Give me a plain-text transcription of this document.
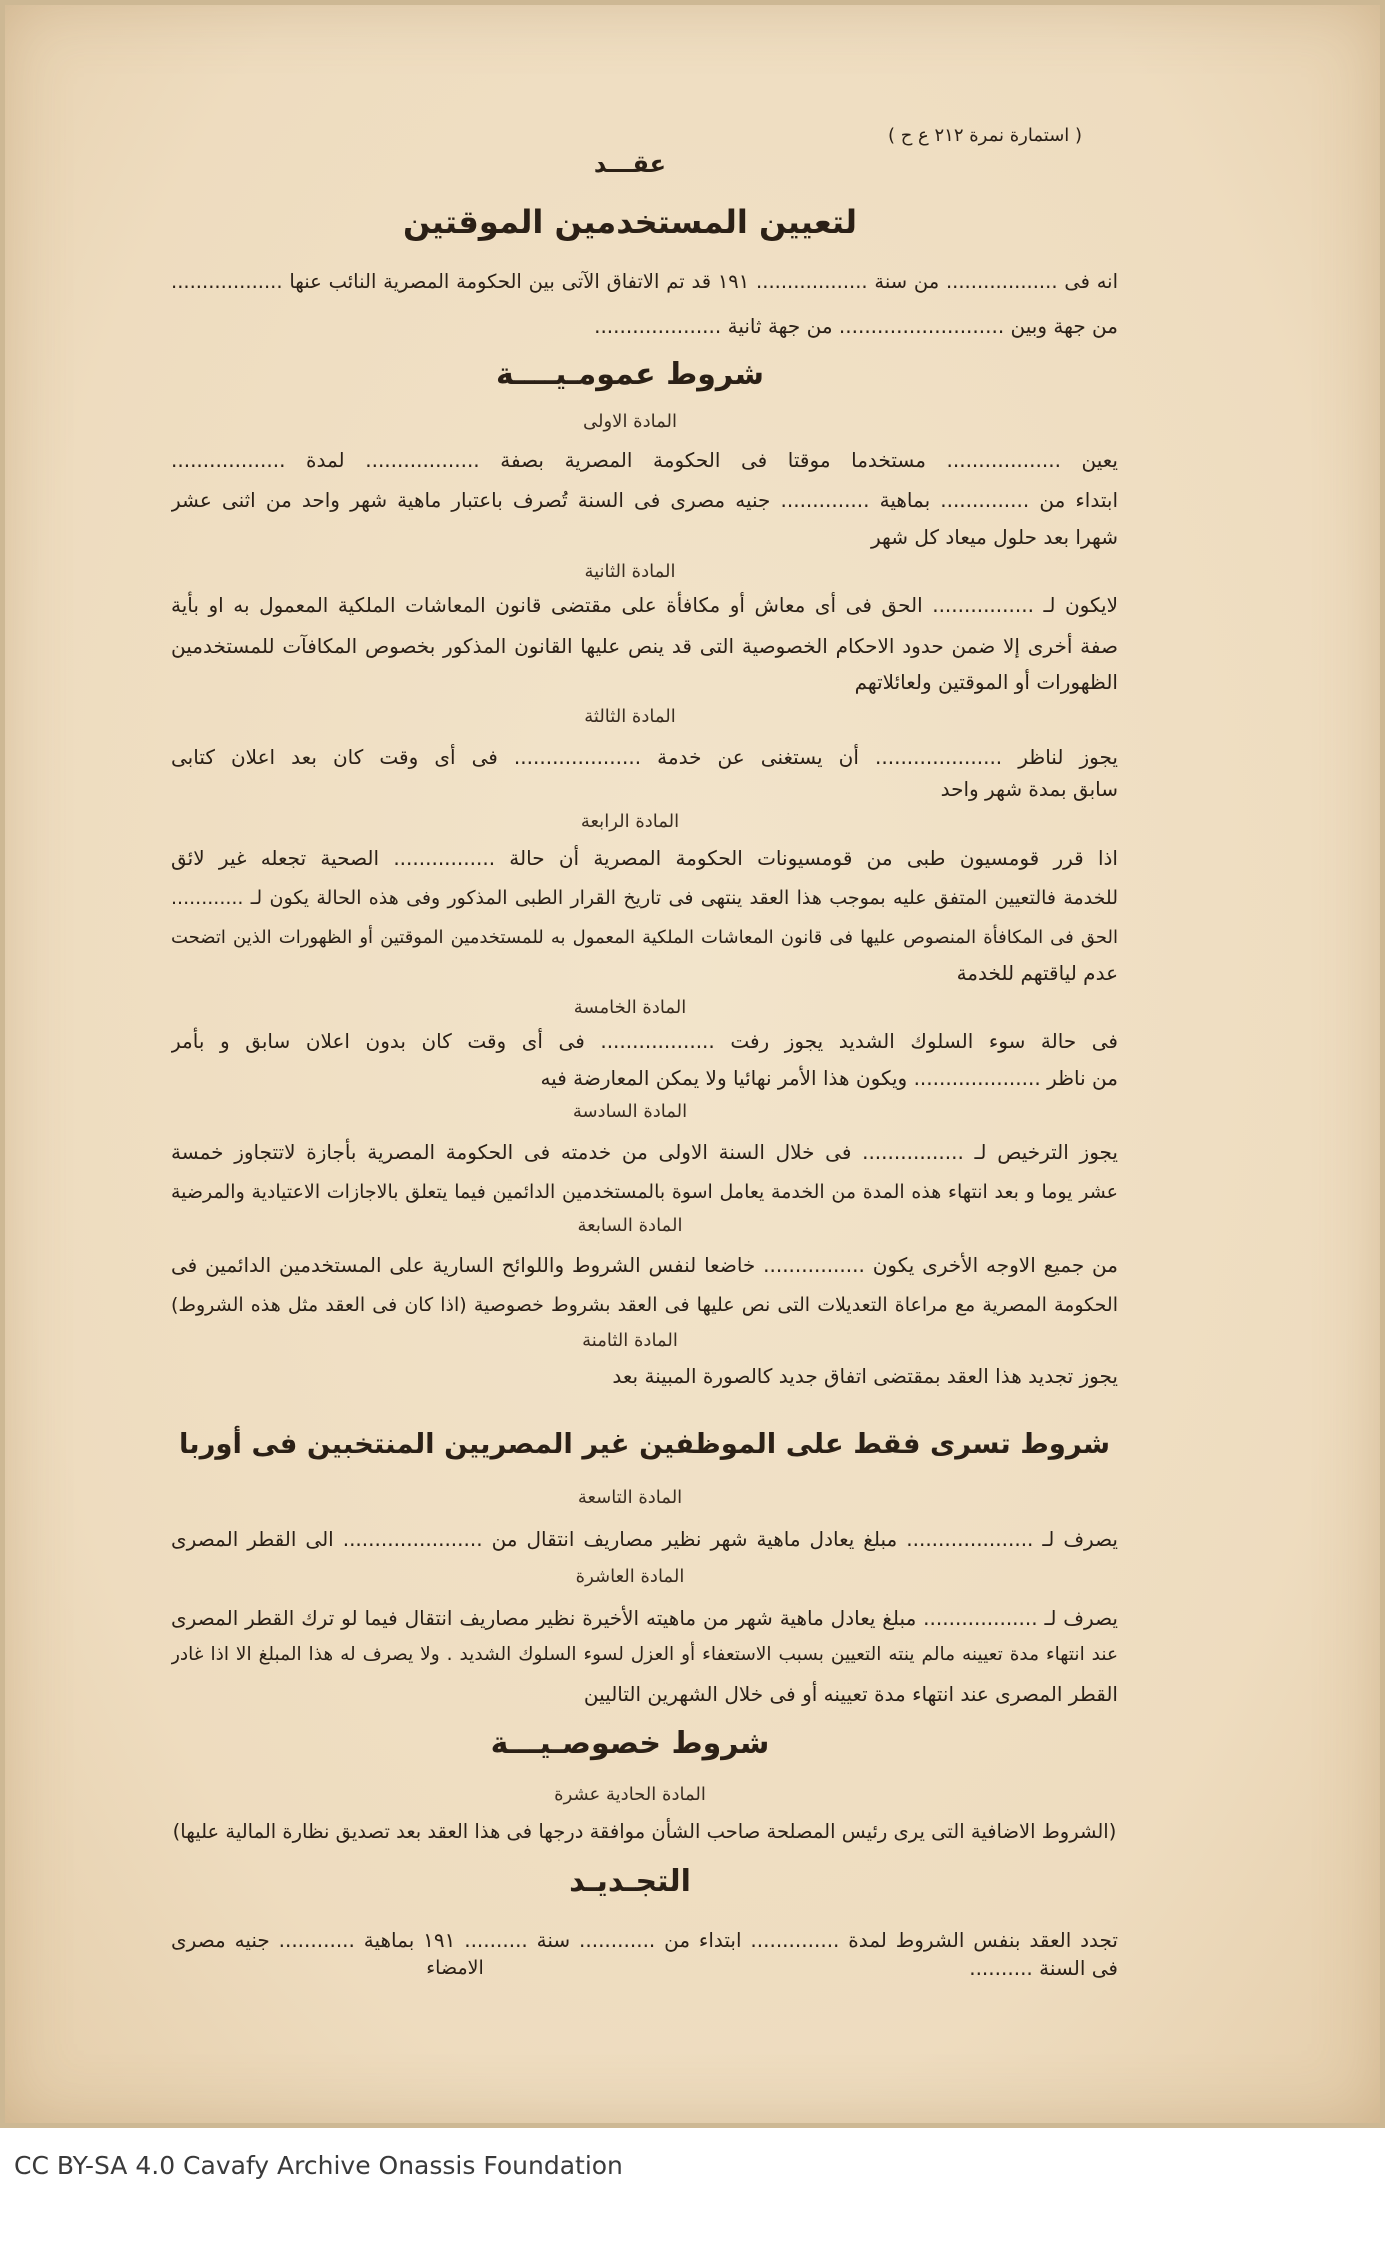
( استمارة نمرة ٢١٢ ع ح )
عقـــد
لتعيين المستخدمين الموقتين
انه فى .................. من سنة .................. ١٩١ قد تم الاتفاق الآتى بين الحكومة المصرية النائب عنها ..................
من جهة وبين .......................... من جهة ثانية ....................
شروط عمومـيــــة
المادة الاولى
يعين .................. مستخدما موقتا فى الحكومة المصرية بصفة .................. لمدة ..................
ابتداء من .............. بماهية .............. جنيه مصرى فى السنة تُصرف باعتبار ماهية شهر واحد من اثنى عشر
شهرا بعد حلول ميعاد كل شهر
المادة الثانية
لايكون لـ ................ الحق فى أى معاش أو مكافأة على مقتضى قانون المعاشات الملكية المعمول به او بأية
صفة أخرى إلا ضمن حدود الاحكام الخصوصية التى قد ينص عليها القانون المذكور بخصوص المكافآت للمستخدمين
الظهورات أو الموقتين ولعائلاتهم
المادة الثالثة
يجوز لناظر .................... أن يستغنى عن خدمة .................... فى أى وقت كان بعد اعلان كتابى
سابق بمدة شهر واحد
المادة الرابعة
اذا قرر قومسيون طبى من قومسيونات الحكومة المصرية أن حالة ................ الصحية تجعله غير لائق
للخدمة فالتعيين المتفق عليه بموجب هذا العقد ينتهى فى تاريخ القرار الطبى المذكور وفى هذه الحالة يكون لـ ............
الحق فى المكافأة المنصوص عليها فى قانون المعاشات الملكية المعمول به للمستخدمين الموقتين أو الظهورات الذين اتضحت
عدم لياقتهم للخدمة
المادة الخامسة
فى حالة سوء السلوك الشديد يجوز رفت .................. فى أى وقت كان بدون اعلان سابق و بأمر
من ناظر .................... ويكون هذا الأمر نهائيا ولا يمكن المعارضة فيه
المادة السادسة
يجوز الترخيص لـ ................ فى خلال السنة الاولى من خدمته فى الحكومة المصرية بأجازة لاتتجاوز خمسة
عشر يوما و بعد انتهاء هذه المدة من الخدمة يعامل اسوة بالمستخدمين الدائمين فيما يتعلق بالاجازات الاعتيادية والمرضية
المادة السابعة
من جميع الاوجه الأخرى يكون ................ خاضعا لنفس الشروط واللوائح السارية على المستخدمين الدائمين فى
الحكومة المصرية مع مراعاة التعديلات التى نص عليها فى العقد بشروط خصوصية (اذا كان فى العقد مثل هذه الشروط)
المادة الثامنة
يجوز تجديد هذا العقد بمقتضى اتفاق جديد كالصورة المبينة بعد
شروط تسرى فقط على الموظفين غير المصريين المنتخبين فى أوربا
المادة التاسعة
يصرف لـ .................... مبلغ يعادل ماهية شهر نظير مصاريف انتقال من ...................... الى القطر المصرى
المادة العاشرة
يصرف لـ .................. مبلغ يعادل ماهية شهر من ماهيته الأخيرة نظير مصاريف انتقال فيما لو ترك القطر المصرى
عند انتهاء مدة تعيينه مالم ينته التعيين بسبب الاستعفاء أو العزل لسوء السلوك الشديد . ولا يصرف له هذا المبلغ الا اذا غادر
القطر المصرى عند انتهاء مدة تعيينه أو فى خلال الشهرين التاليين
شروط خصوصـيـــة
المادة الحادية عشرة
(الشروط الاضافية التى يرى رئيس المصلحة صاحب الشأن موافقة درجها فى هذا العقد بعد تصديق نظارة المالية عليها)
التجـديـد
تجدد العقد بنفس الشروط لمدة .............. ابتداء من ............ سنة .......... ١٩١ بماهية ............ جنيه مصرى
فى السنة ..........
الامضاء
CC BY-SA 4.0 Cavafy Archive Onassis Foundation
